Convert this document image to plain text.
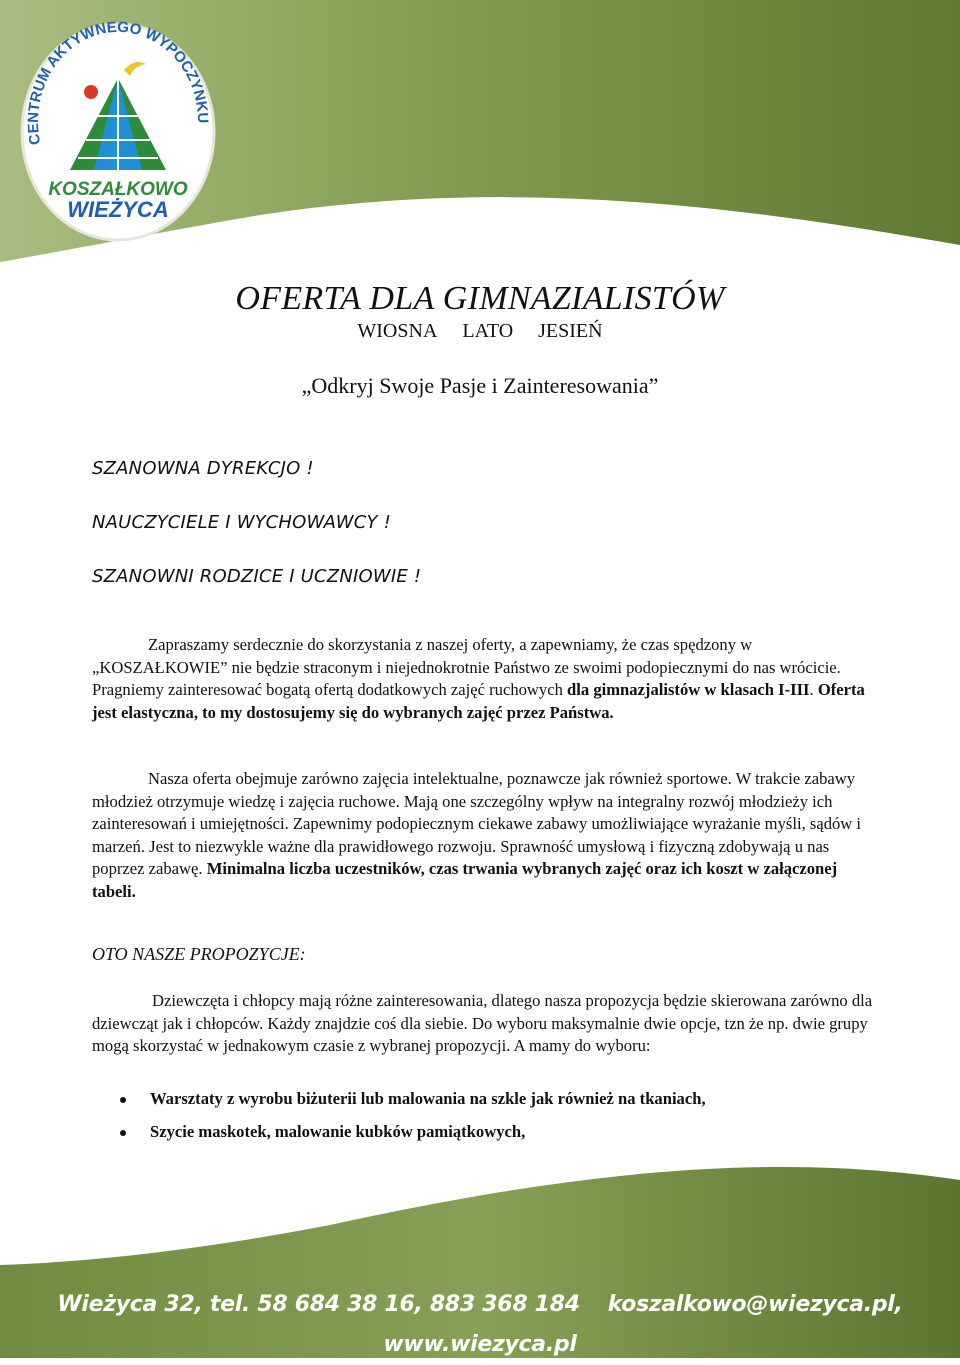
CENTRUM AKTYWNEGO WYPOCZYNKU
KOSZAŁKOWO
WIEŻYCA
OFERTA DLA GIMNAZIALISTÓW
WIOSNA LATO JESIEŃ
„Odkryj Swoje Pasje i Zainteresowania”
SZANOWNA DYREKCJO !
NAUCZYCIELE I WYCHOWAWCY !
SZANOWNI RODZICE I UCZNIOWIE !
Zapraszamy serdecznie do skorzystania z naszej oferty, a zapewniamy, że czas spędzony w „KOSZAŁKOWIE” nie będzie straconym i niejednokrotnie Państwo ze swoimi podopiecznymi do nas wrócicie. Pragniemy zainteresować bogatą ofertą dodatkowych zajęć ruchowych dla gimnazjalistów w klasach I-III. Oferta jest elastyczna, to my dostosujemy się do wybranych zajęć przez Państwa.
Nasza oferta obejmuje zarówno zajęcia intelektualne, poznawcze jak również sportowe. W trakcie zabawy młodzież otrzymuje wiedzę i zajęcia ruchowe. Mają one szczególny wpływ na integralny rozwój młodzieży ich zainteresowań i umiejętności. Zapewnimy podopiecznym ciekawe zabawy umożliwiające wyrażanie myśli, sądów i marzeń. Jest to niezwykle ważne dla prawidłowego rozwoju. Sprawność umysłową i fizyczną zdobywają u nas poprzez zabawę. Minimalna liczba uczestników, czas trwania wybranych zajęć oraz ich koszt w załączonej tabeli.
OTO NASZE PROPOZYCJE:
Dziewczęta i chłopcy mają różne zainteresowania, dlatego nasza propozycja będzie skierowana zarówno dla dziewcząt jak i chłopców. Każdy znajdzie coś dla siebie. Do wyboru maksymalnie dwie opcje, tzn że np. dwie grupy mogą skorzystać w jednakowym czasie z wybranej propozycji. A mamy do wyboru:
Warsztaty z wyrobu biżuterii lub malowania na szkle jak również na tkaniach,
Szycie maskotek, malowanie kubków pamiątkowych,
Wieżyca 32, tel. 58 684 38 16, 883 368 184 koszalkowo@wiezyca.pl, www.wiezyca.pl
